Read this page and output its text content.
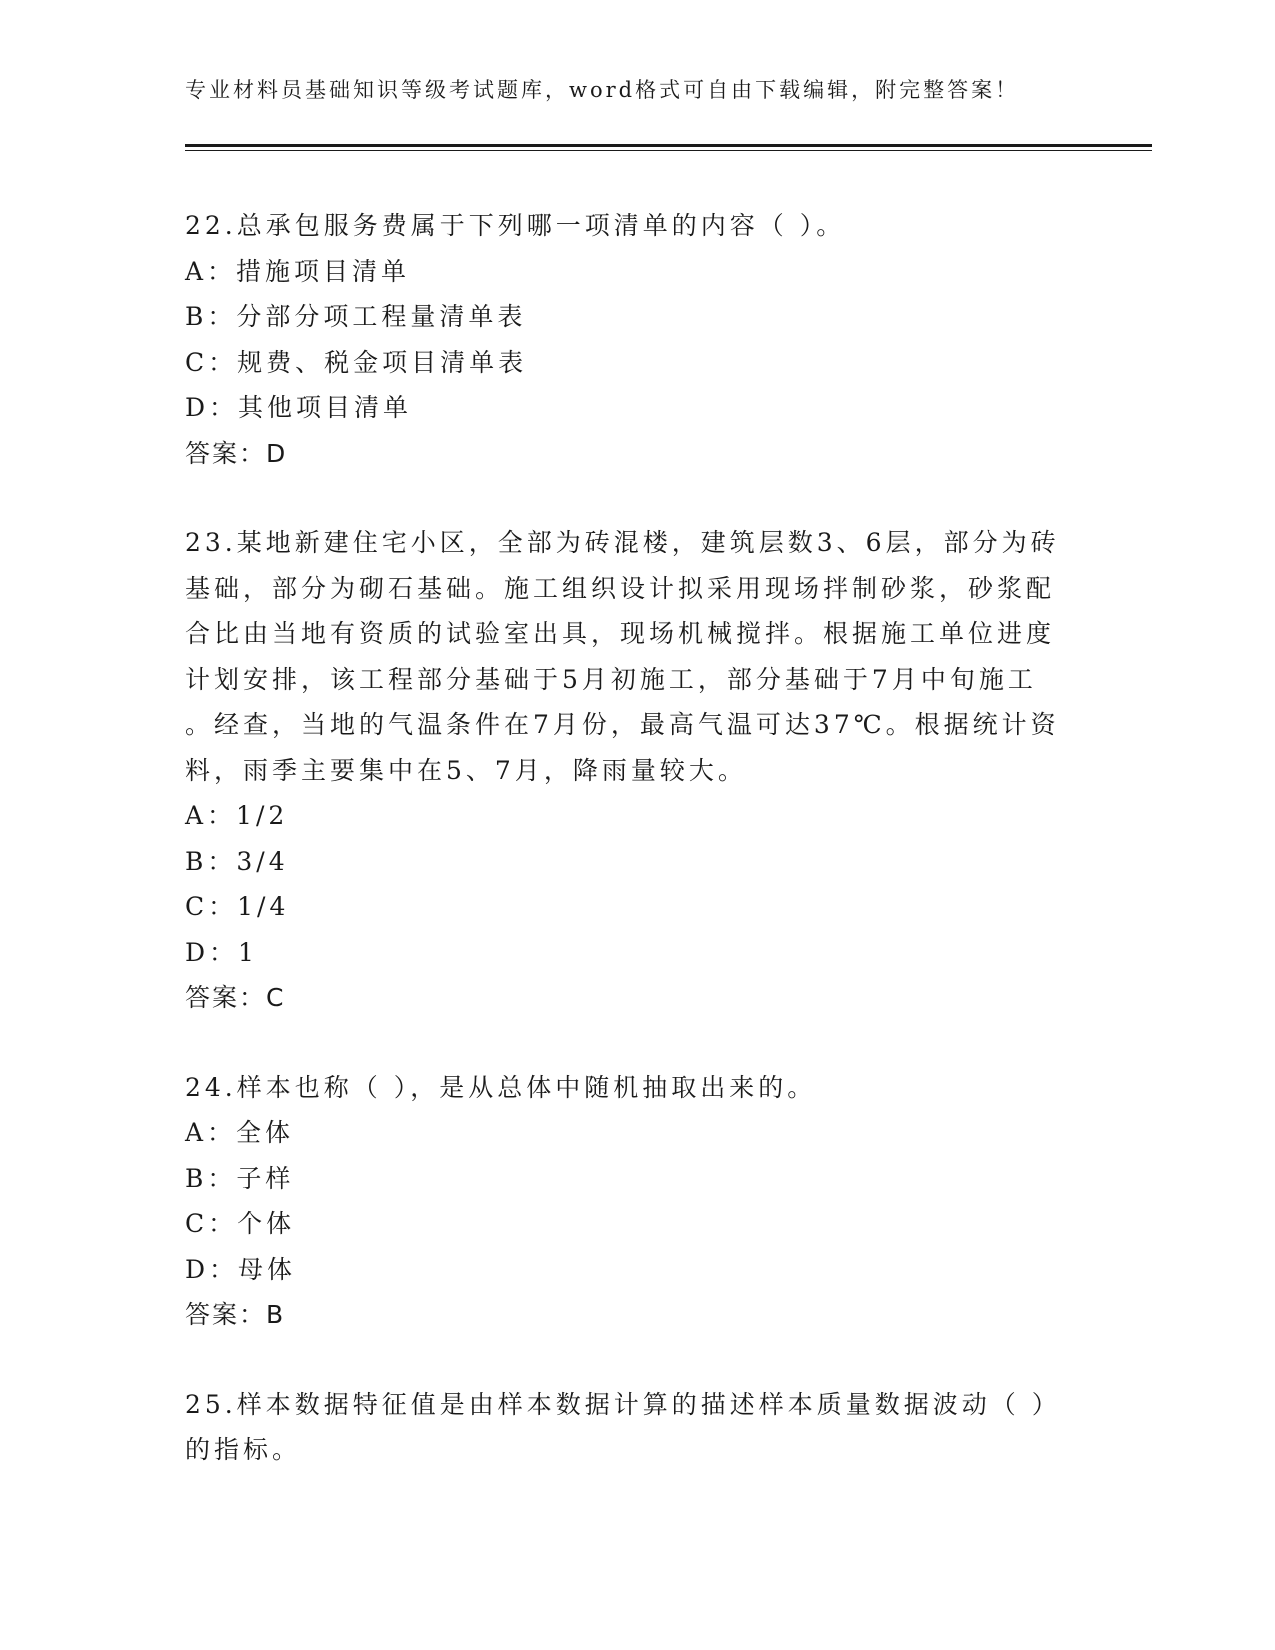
专业材料员基础知识等级考试题库，word格式可自由下载编辑，附完整答案！
22.总承包服务费属于下列哪一项清单的内容（ ）。
A：措施项目清单
B：分部分项工程量清单表
C：规费、税金项目清单表
D：其他项目清单
答案：D
23.某地新建住宅小区，全部为砖混楼，建筑层数3、6层，部分为砖
基础，部分为砌石基础。施工组织设计拟采用现场拌制砂浆，砂浆配
合比由当地有资质的试验室出具，现场机械搅拌。根据施工单位进度
计划安排，该工程部分基础于5月初施工，部分基础于7月中旬施工
。经查，当地的气温条件在7月份，最高气温可达37℃。根据统计资
料，雨季主要集中在5、7月，降雨量较大。
A：1/2
B：3/4
C：1/4
D：1
答案：C
24.样本也称（ ），是从总体中随机抽取出来的。
A：全体
B：子样
C：个体
D：母体
答案：B
25.样本数据特征值是由样本数据计算的描述样本质量数据波动（ ）
的指标。
